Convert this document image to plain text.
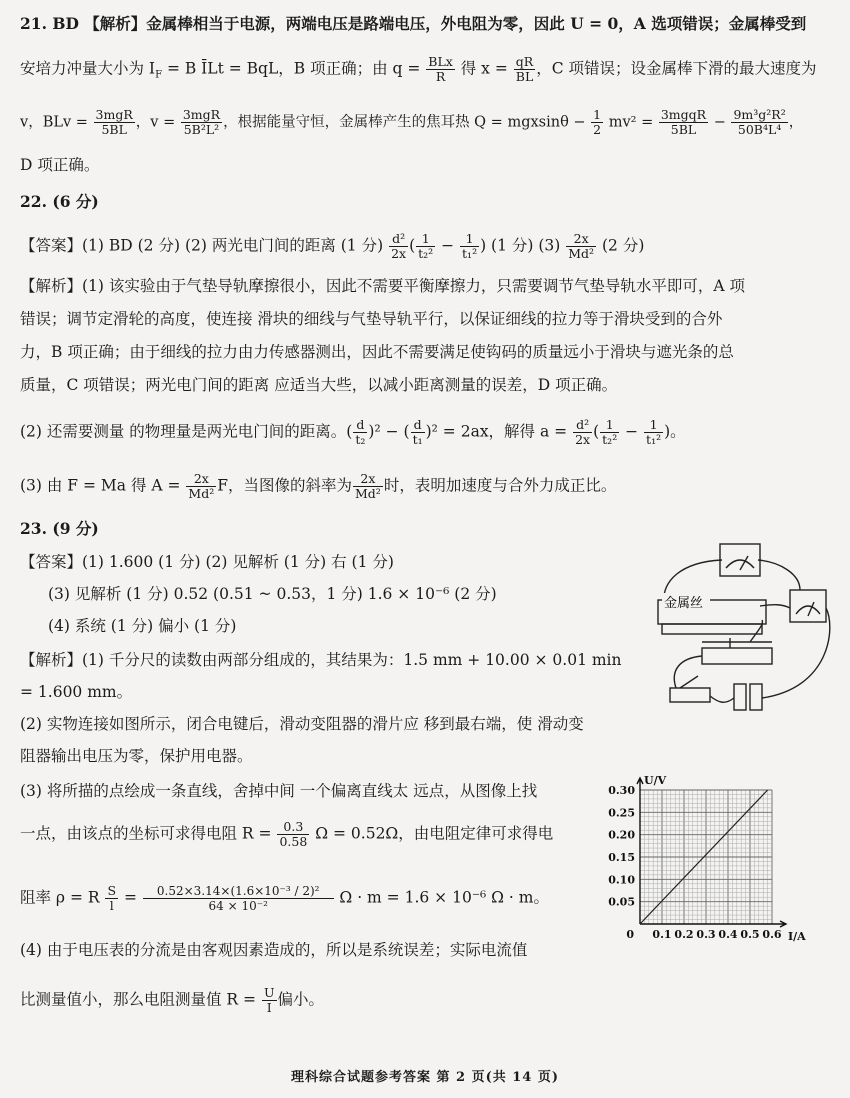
21. BD 【解析】金属棒相当于电源，两端电压是路端电压，外电阻为零，因此 U = 0，A 选项错误；金属棒受到
安培力冲量大小为 $I_F = B$ ĪLt = BqL，B 项正确；由 $q = \frac{\text{BLx}}{R}$ 得 $x = \frac{qR}{BL}$ ，C 项错误；设金属棒下滑的最大速度为
v，BLv = $\frac{\text{3mgR}}{5BL}$ ，$v = \frac{\text{3mgR}}{\text{5B²L²}}$ ，根据能量守恒，金属棒产生的焦耳热 $Q = mgxsin\theta - \frac{1}{2} mv^2 = \frac{\text{3mgqR}}{5BL} - \frac{\text{9m³g²R²}}{\text{50B⁴L⁴}}$ ，
D 项正确。
22. (6 分)
【答案】(1) BD (2 分) (2) 两光电门间的距离 (1 分) $\frac{\text{d²}}{2x}$ ( $\frac{1}{\text{t₂²}} - \frac{1}{\text{t₁²}}$ ) (1 分) $(3) \frac{2x}{\text{Md²}} (2$ 分)
【解析】(1) 该实验由于气垫导轨摩擦很小，因此不需要平衡摩擦力，只需要调节气垫导轨水平即可，A 项
错误；调节定滑轮的高度，使连接 滑块的细线与气垫导轨平行，以保证细线的拉力等于滑块受到的合外
力，B 项正确；由于细线的拉力由力传感器测出，因此不需要满足使钩码的质量远小于滑块与遮光条的总
质量，C 项错误；两光电门间的距离 应适当大些，以减小距离测量的误差，D 项正确。
(2) 还需要测量 的物理量是两光电门间的距离。( $\frac{d}{\text{t₂}} )^2$ − ( $\frac{d}{\text{t₁}} )^2 = 2ax$，解得 $a = \frac{\text{d²}}{2x}$ ( $\frac{1}{\text{t₂²}} - \frac{1}{\text{t₁²}}$ )。
(3) 由 F = Ma 得 $A = \frac{2x}{\text{Md²}}$ F，当图像的斜率为 $\frac{2x}{\text{Md²}}$ 时，表明加速度与合外力成正比。
23. (9 分)
【答案】(1) 1.600 (1 分) (2) 见解析 (1 分) 右 (1 分)
(3) 见解析 (1 分) 0.52 (0.51 ~ 0.53，1 分) 1.6 × 10⁻⁶ (2 分)
(4) 系统 (1 分) 偏小 (1 分)
【解析】(1) 千分尺的读数由两部分组成的，其结果为：1.5 mm + 10.00 × 0.01 min
= 1.600 mm。
(2) 实物连接如图所示，闭合电键后，滑动变阻器的滑片应 移到最右端，使 滑动变
阻器输出电压为零，保护用电器。
(3) 将所描的点绘成一条直线，舍掉中间 一个偏离直线太 远点，从图像上找
一点，由该点的坐标可求得电阻 $R = \frac{0.3}{0.58}$ Ω = 0.52Ω，由电阻定律可求得电
阻率 ρ = R $\frac{S}{l} = \frac{\text{0.52×3.14×(1.6×10⁻³ / 2)²}}{\text{64 × 10⁻²}}$ Ω · m = 1.6 × 10⁻⁶ Ω · m。
(4) 由于电压表的分流是由客观因素造成的，所以是系统误差；实际电流值
比测量值小，那么电阻测量值 $R = \frac{U}{I}$ 偏小。
金属丝
U/V
I/A
0
0.30
0.25
0.20
0.15
0.10
0.05
0.1 0.2 0.3 0.4 0.5 0.6
理科综合试题参考答案 第 2 页(共 14 页)
